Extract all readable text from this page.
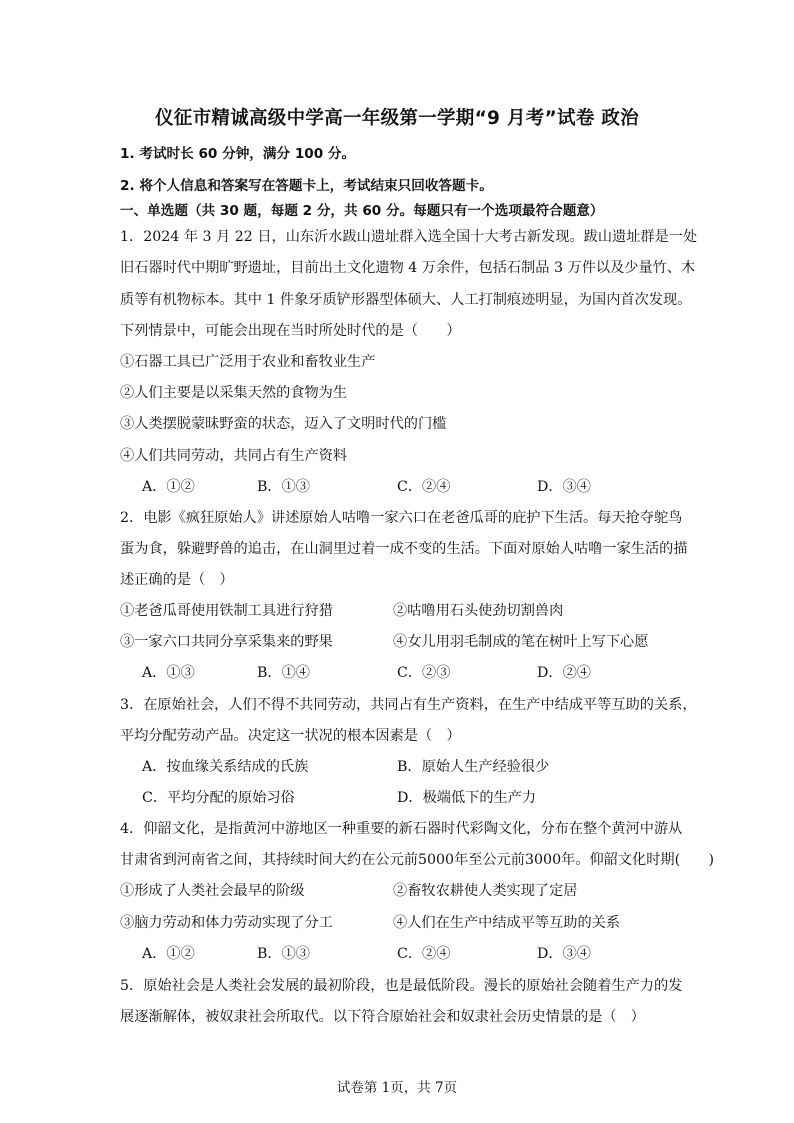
仪征市精诚高级中学高一年级第一学期“9 月考”试卷 政治
1. 考试时长 60 分钟，满分 100 分。
2. 将个人信息和答案写在答题卡上，考试结束只回收答题卡。
一、单选题（共 30 题，每题 2 分，共 60 分。每题只有一个选项最符合题意）
1．2024 年 3 月 22 日，山东沂水跋山遗址群入选全国十大考古新发现。跋山遗址群是一处
旧石器时代中期旷野遗址，目前出土文化遗物 4 万余件，包括石制品 3 万件以及少量竹、木
质等有机物标本。其中 1 件象牙质铲形器型体硕大、人工打制痕迹明显，为国内首次发现。
下列情景中，可能会出现在当时所处时代的是（　　）
①石器工具已广泛用于农业和畜牧业生产
②人们主要是以采集天然的食物为生
③人类摆脱蒙昧野蛮的状态，迈入了文明时代的门槛
④人们共同劳动，共同占有生产资料
A．①②	B．①③	C．②④	D．③④
2．电影《疯狂原始人》讲述原始人咕噜一家六口在老爸瓜哥的庇护下生活。每天抢夺鸵鸟
蛋为食，躲避野兽的追击，在山洞里过着一成不变的生活。下面对原始人咕噜一家生活的描
述正确的是（　）
①老爸瓜哥使用铁制工具进行狩猎	②咕噜用石头使劲切割兽肉
③一家六口共同分享采集来的野果	④女儿用羽毛制成的笔在树叶上写下心愿
A．①③	B．①④	C．②③	D．②④
3．在原始社会，人们不得不共同劳动，共同占有生产资料，在生产中结成平等互助的关系，
平均分配劳动产品。决定这一状况的根本因素是（　）
A．按血缘关系结成的氏族	B．原始人生产经验很少
C．平均分配的原始习俗	D．极端低下的生产力
4．仰韶文化，是指黄河中游地区一种重要的新石器时代彩陶文化，分布在整个黄河中游从
甘肃省到河南省之间，其持续时间大约在公元前5000年至公元前3000年。仰韶文化时期(　　)
①形成了人类社会最早的阶级	②畜牧农耕使人类实现了定居
③脑力劳动和体力劳动实现了分工	④人们在生产中结成平等互助的关系
A．①②	B．①③	C．②④	D．③④
5．原始社会是人类社会发展的最初阶段，也是最低阶段。漫长的原始社会随着生产力的发
展逐渐解体，被奴隶社会所取代。以下符合原始社会和奴隶社会历史情景的是（　）
试卷第 1页，共 7页
